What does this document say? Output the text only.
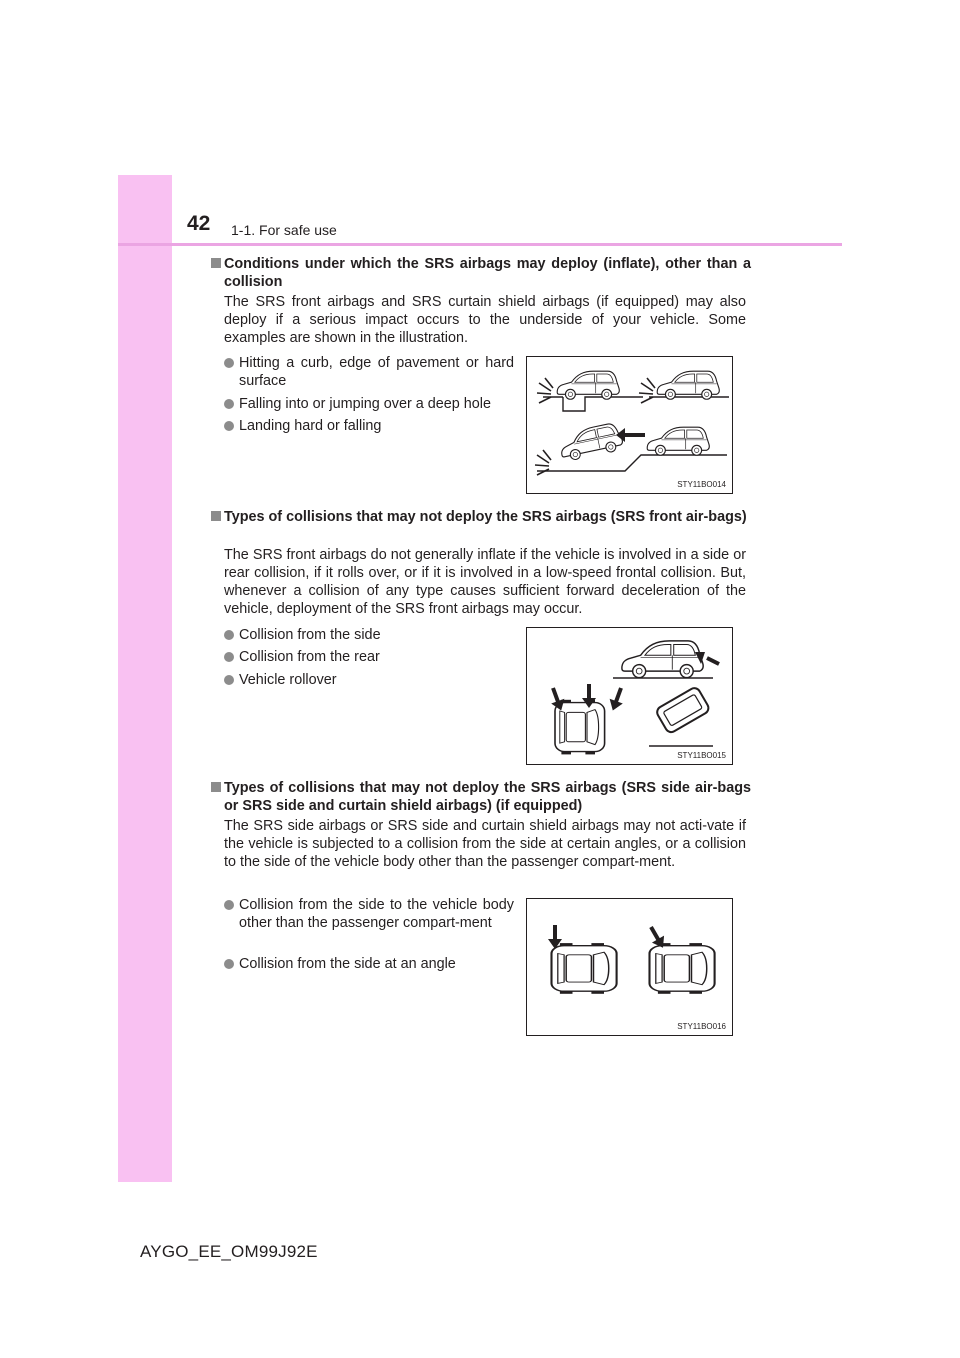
42 1-1. For safe use
Conditions under which the SRS airbags may deploy (inflate), other than a collision
The SRS front airbags and SRS curtain shield airbags (if equipped) may also deploy if a serious impact occurs to the underside of your vehicle. Some examples are shown in the illustration.
Hitting a curb, edge of pavement or hard surface
Falling into or jumping over a deep hole
Landing hard or falling
STY11BO014
Types of collisions that may not deploy the SRS airbags (SRS front air-bags)
The SRS front airbags do not generally inflate if the vehicle is involved in a side or rear collision, if it rolls over, or if it is involved in a low-speed frontal collision. But, whenever a collision of any type causes sufficient forward deceleration of the vehicle, deployment of the SRS front airbags may occur.
Collision from the side
Collision from the rear
Vehicle rollover
STY11BO015
Types of collisions that may not deploy the SRS airbags (SRS side air-bags or SRS side and curtain shield airbags) (if equipped)
The SRS side airbags or SRS side and curtain shield airbags may not acti-vate if the vehicle is subjected to a collision from the side at certain angles, or a collision to the side of the vehicle body other than the passenger compart-ment.
Collision from the side to the vehicle body other than the passenger compart-ment
Collision from the side at an angle
STY11BO016
AYGO_EE_OM99J92E
